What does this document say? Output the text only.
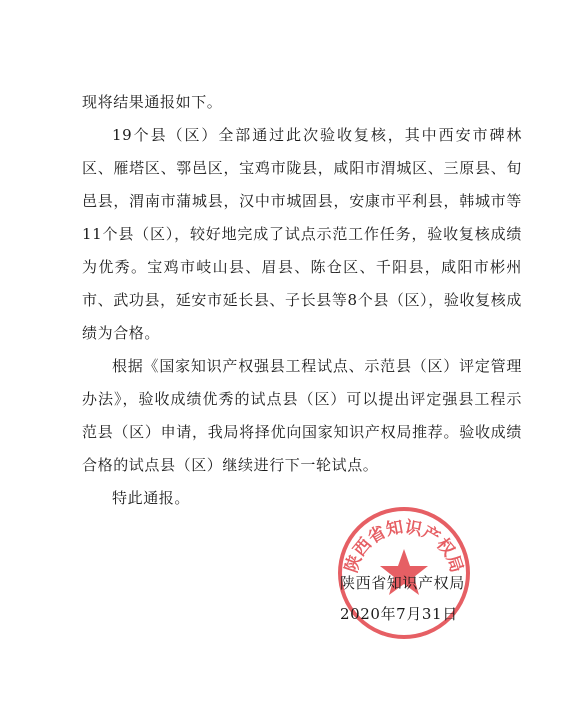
现将结果通报如下。

19个县（区）全部通过此次验收复核，其中西安市碑林区、雁塔区、鄠邑区，宝鸡市陇县，咸阳市渭城区、三原县、旬邑县，渭南市蒲城县，汉中市城固县，安康市平利县，韩城市等11个县（区），较好地完成了试点示范工作任务，验收复核成绩为优秀。宝鸡市岐山县、眉县、陈仓区、千阳县，咸阳市彬州市、武功县，延安市延长县、子长县等8个县（区），验收复核成绩为合格。

根据《国家知识产权强县工程试点、示范县（区）评定管理办法》，验收成绩优秀的试点县（区）可以提出评定强县工程示范县（区）申请，我局将择优向国家知识产权局推荐。验收成绩合格的试点县（区）继续进行下一轮试点。

特此通报。

陕西省知识产权局
陕西省知识产权局
2020年7月31日
